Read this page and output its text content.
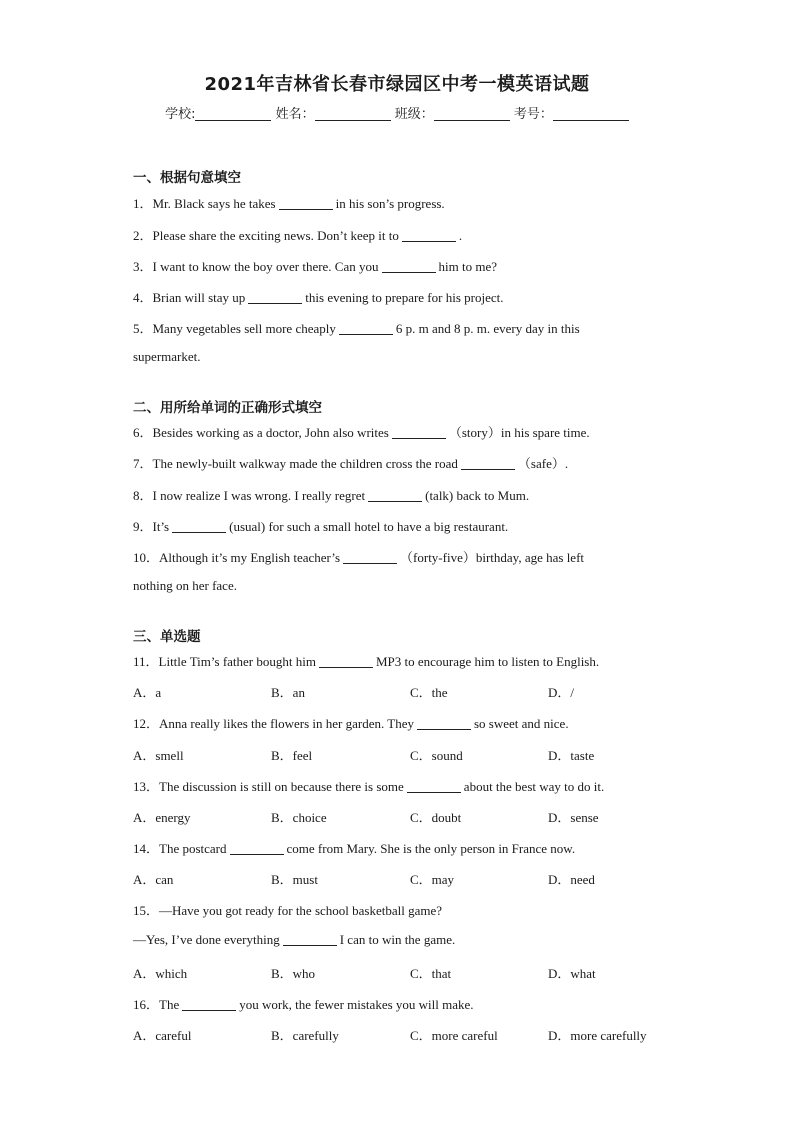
2021年吉林省长春市绿园区中考一模英语试题
学校:	姓名：	班级：	考号：
一、根据句意填空
1．Mr. Black says he takes	in his son’s progress.
2．Please share the exciting news. Don’t keep it to	.
3．I want to know the boy over there. Can you	him to me?
4．Brian will stay up	this evening to prepare for his project.
5．Many vegetables sell more cheaply	6 p. m and 8 p. m. every day in this
supermarket.
二、用所给单词的正确形式填空
6．Besides working as a doctor, John also writes	（story）in his spare time.
7．The newly-built walkway made the children cross the road	（safe）.
8．I now realize I was wrong. I really regret	(talk) back to Mum.
9．It’s	(usual) for such a small hotel to have a big restaurant.
10．Although it’s my English teacher’s	（forty-five）birthday, age has left
nothing on her face.
三、单选题
11．Little Tim’s father bought him	MP3 to encourage him to listen to English.
A．a	B．an	C．the	D．/
12．Anna really likes the flowers in her garden. They	so sweet and nice.
A．smell	B．feel	C．sound	D．taste
13．The discussion is still on because there is some	about the best way to do it.
A．energy	B．choice	C．doubt	D．sense
14．The postcard	come from Mary. She is the only person in France now.
A．can	B．must	C．may	D．need
15．—Have you got ready for the school basketball game?
—Yes, I’ve done everything	I can to win the game.
A．which	B．who	C．that	D．what
16．The	you work, the fewer mistakes you will make.
A．careful	B．carefully	C．more careful	D．more carefully
